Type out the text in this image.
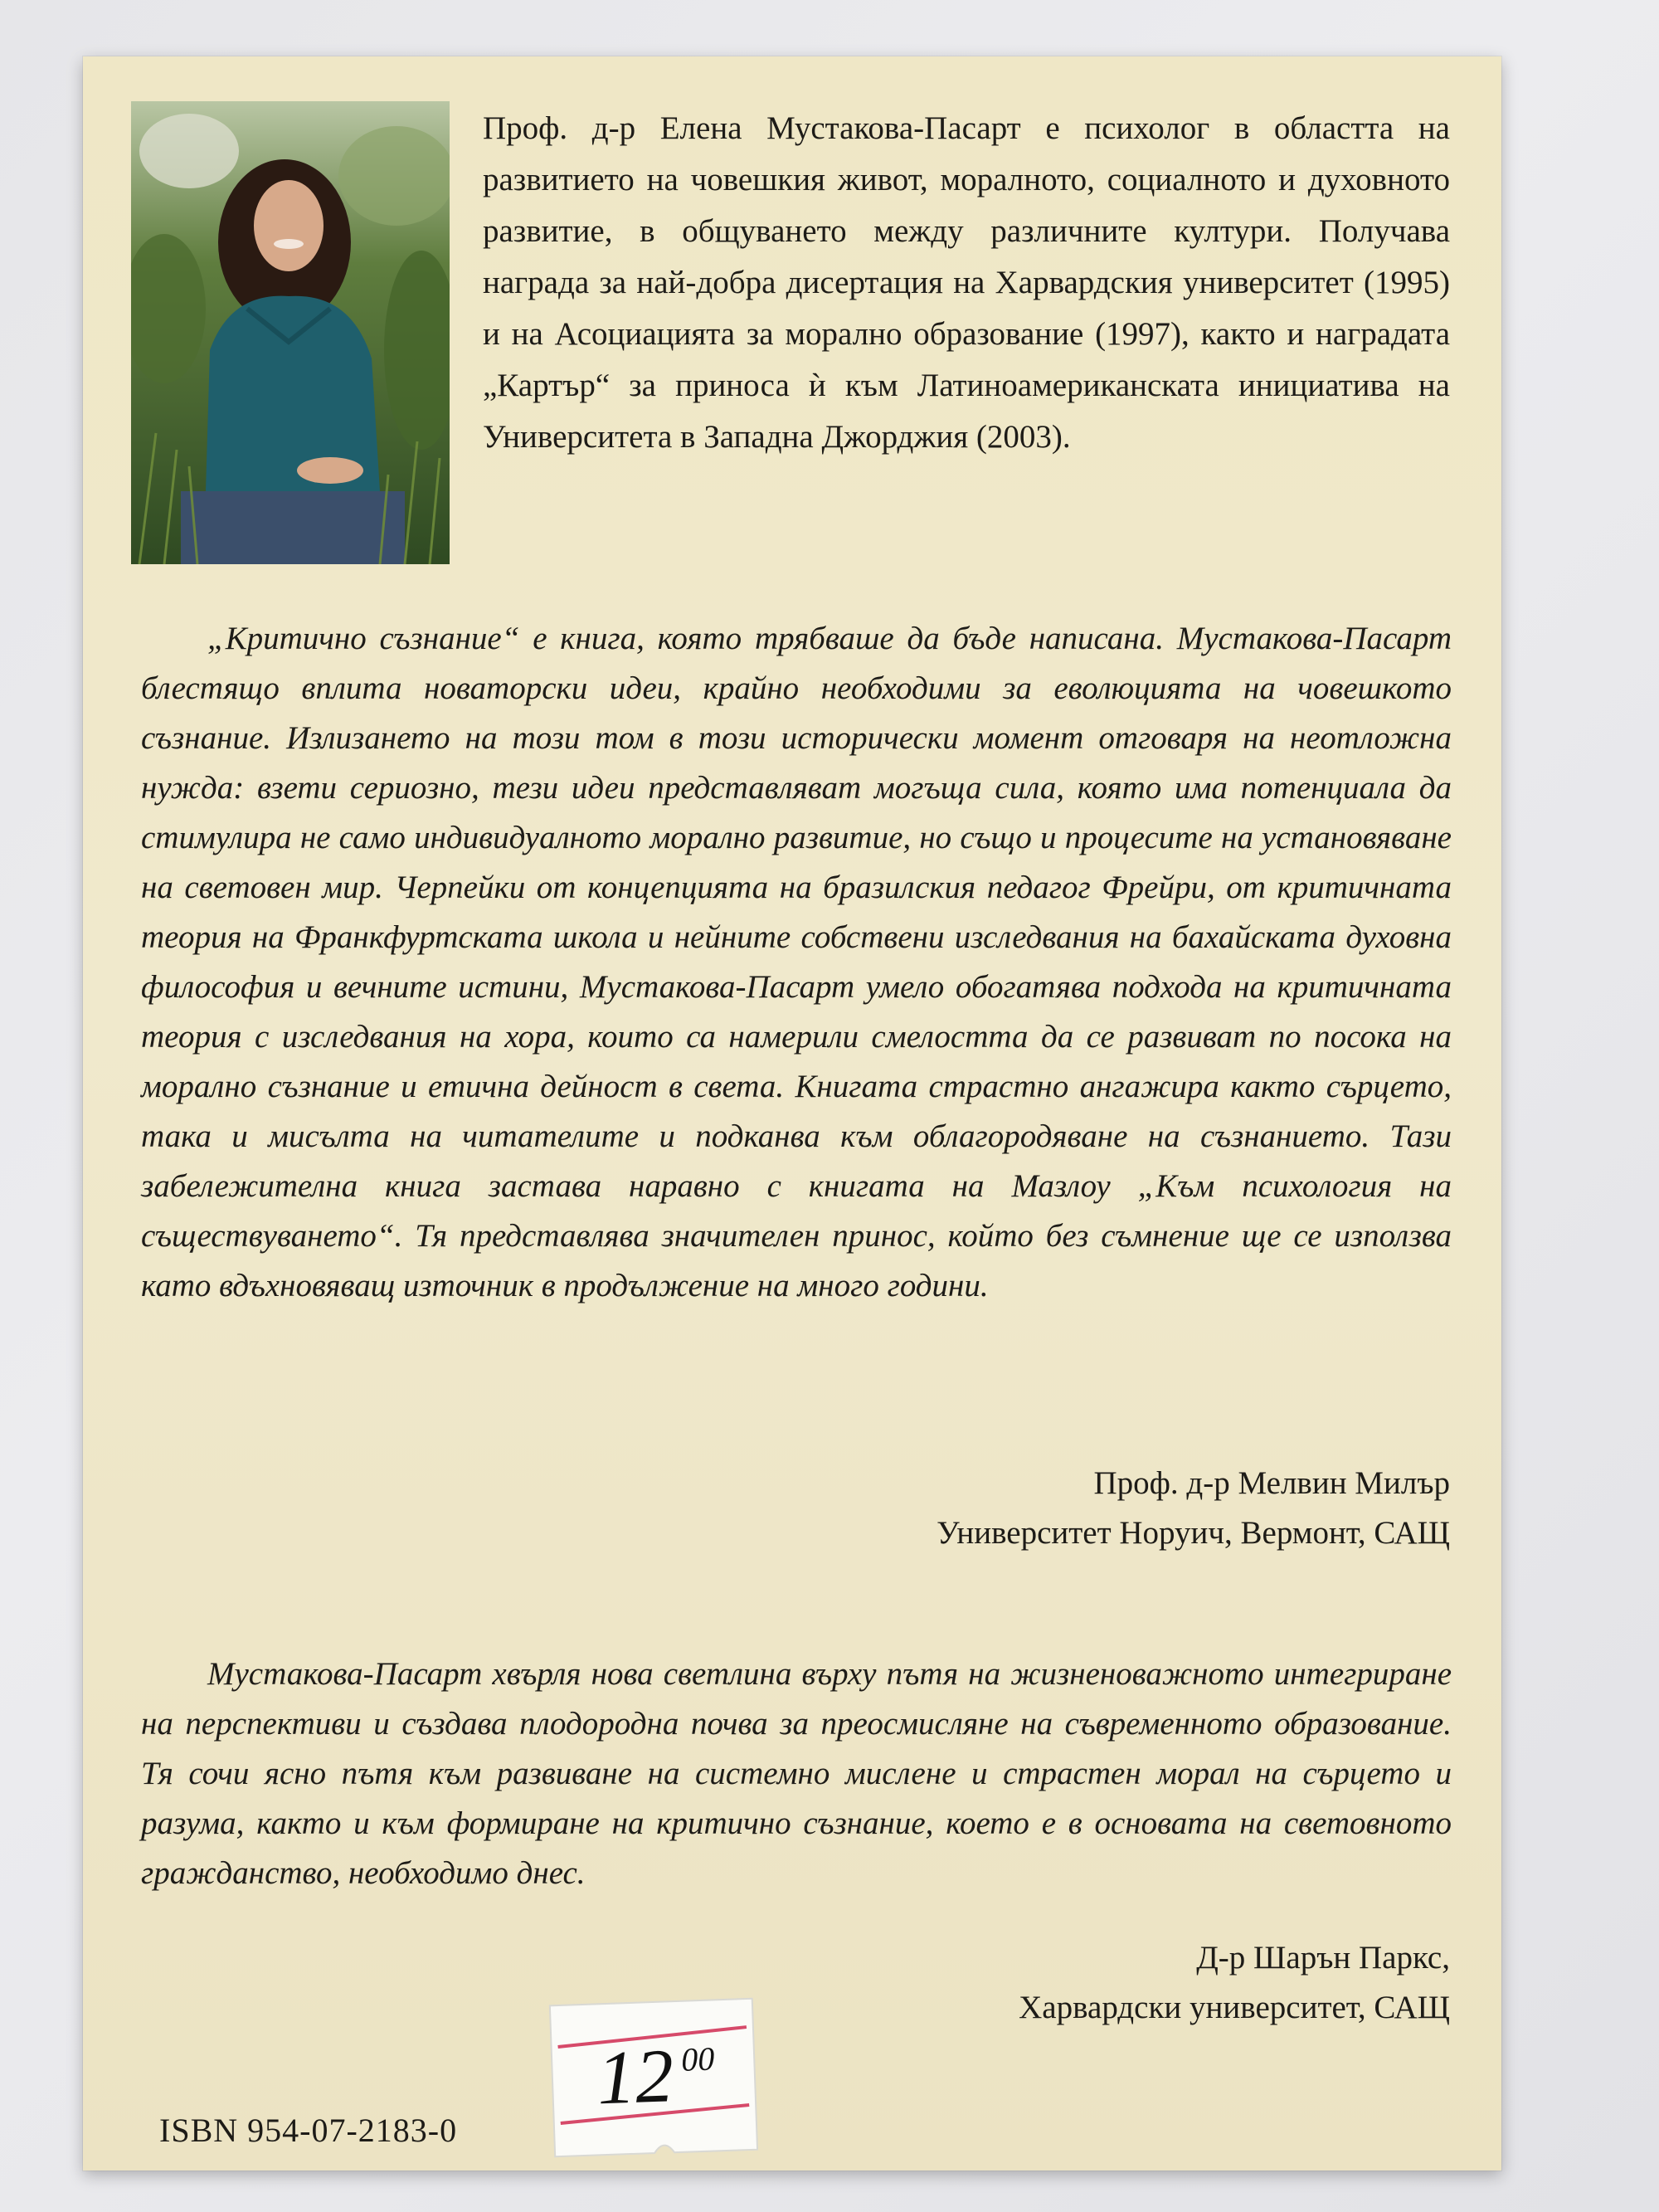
Проф. д-р Елена Мустакова-Пасарт е психолог в областта на развитието на човешкия живот, моралното, социалното и духовното развитие, в общуването между различните култури. Получава награда за най-добра дисертация на Харвардския университет (1995) и на Асоциацията за морално образование (1997), както и наградата „Картър“ за приноса ѝ към Латиноамериканската инициатива на Университета в Западна Джорджия (2003).
„Критично съзнание“ е книга, която трябваше да бъде написана. Мустакова-Пасарт блестящо вплита новаторски идеи, крайно необходими за еволюцията на човешкото съзнание. Излизането на този том в този исторически момент отговаря на неотложна нужда: взети сериозно, тези идеи представляват могъща сила, която има потенциала да стимулира не само индивидуалното морално развитие, но също и процесите на установяване на световен мир. Черпейки от концепцията на бразилския педагог Фрейри, от критичната теория на Франкфуртската школа и нейните собствени изследвания на бахайската духовна философия и вечните истини, Мустакова-Пасарт умело обогатява подхода на критичната теория с изследвания на хора, които са намерили смелостта да се развиват по посока на морално съзнание и етична дейност в света. Книгата страстно ангажира както сърцето, така и мисълта на читателите и подканва към облагородяване на съзнанието. Тази забележителна книга застава наравно с книгата на Мазлоу „Към психология на съществуването“. Тя представлява значителен принос, който без съмнение ще се използва като вдъхновяващ източник в продължение на много години.
Проф. д-р Мелвин Милър
Университет Норуич, Вермонт, САЩ
Мустакова-Пасарт хвърля нова светлина върху пътя на жизненоважното интегриране на перспективи и създава плодородна почва за преосмисляне на съвременното образование. Тя сочи ясно пътя към развиване на системно мислене и страстен морал на сърцето и разума, както и към формиране на критично съзнание, което е в основата на световното гражданство, необходимо днес.
Д-р Шарън Паркс,
Харвардски университет, САЩ
ISBN 954-07-2183-0
12 00
